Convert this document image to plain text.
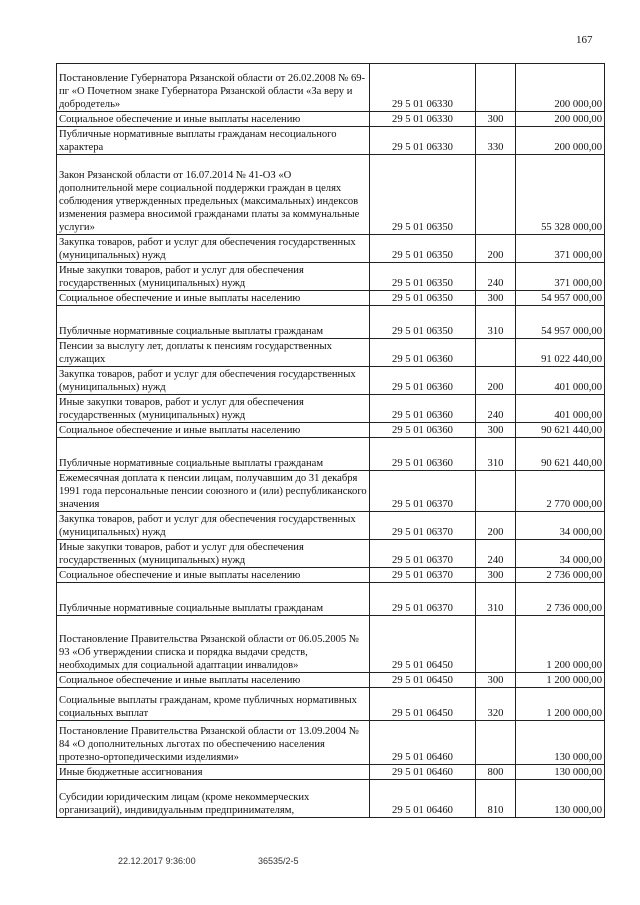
167
Постановление Губернатора Рязанской области от 26.02.2008 № 69-пг «О Почетном знаке Губернатора Рязанской области «За веру и добродетель»	29 5 01 06330		200 000,00
Социальное обеспечение и иные выплаты населению	29 5 01 06330	300	200 000,00
Публичные нормативные выплаты гражданам несоциального характера	29 5 01 06330	330	200 000,00
Закон Рязанской области от 16.07.2014 № 41-ОЗ «О дополнительной мере социальной поддержки граждан в целях соблюдения утвержденных предельных (максимальных) индексов изменения размера вносимой гражданами платы за коммунальные услуги»	29 5 01 06350		55 328 000,00
Закупка товаров, работ и услуг для обеспечения государственных (муниципальных) нужд	29 5 01 06350	200	371 000,00
Иные закупки товаров, работ и услуг для обеспечения государственных (муниципальных) нужд	29 5 01 06350	240	371 000,00
Социальное обеспечение и иные выплаты населению	29 5 01 06350	300	54 957 000,00
Публичные нормативные социальные выплаты гражданам	29 5 01 06350	310	54 957 000,00
Пенсии за выслугу лет, доплаты к пенсиям государственных служащих	29 5 01 06360		91 022 440,00
Закупка товаров, работ и услуг для обеспечения государственных (муниципальных) нужд	29 5 01 06360	200	401 000,00
Иные закупки товаров, работ и услуг для обеспечения государственных (муниципальных) нужд	29 5 01 06360	240	401 000,00
Социальное обеспечение и иные выплаты населению	29 5 01 06360	300	90 621 440,00
Публичные нормативные социальные выплаты гражданам	29 5 01 06360	310	90 621 440,00
Ежемесячная доплата к пенсии лицам, получавшим до 31 декабря 1991 года персональные пенсии союзного и (или) республиканского значения	29 5 01 06370		2 770 000,00
Закупка товаров, работ и услуг для обеспечения государственных (муниципальных) нужд	29 5 01 06370	200	34 000,00
Иные закупки товаров, работ и услуг для обеспечения государственных (муниципальных) нужд	29 5 01 06370	240	34 000,00
Социальное обеспечение и иные выплаты населению	29 5 01 06370	300	2 736 000,00
Публичные нормативные социальные выплаты гражданам	29 5 01 06370	310	2 736 000,00
Постановление Правительства Рязанской области от 06.05.2005 № 93 «Об утверждении списка и порядка выдачи средств, необходимых для социальной адаптации инвалидов»	29 5 01 06450		1 200 000,00
Социальное обеспечение и иные выплаты населению	29 5 01 06450	300	1 200 000,00
Социальные выплаты гражданам, кроме публичных нормативных социальных выплат	29 5 01 06450	320	1 200 000,00
Постановление Правительства Рязанской области от 13.09.2004 № 84 «О дополнительных льготах по обеспечению населения протезно-ортопедическими изделиями»	29 5 01 06460		130 000,00
Иные бюджетные ассигнования	29 5 01 06460	800	130 000,00
Субсидии юридическим лицам (кроме некоммерческих организаций), индивидуальным предпринимателям,	29 5 01 06460	810	130 000,00
22.12.2017 9:36:00	36535/2-5
